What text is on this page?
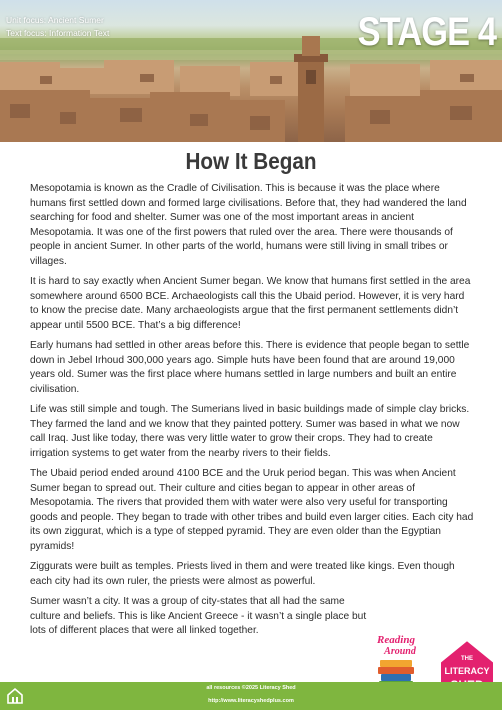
Unit focus: Ancient Sumer
Text focus: Information Text	STAGE 4
How It Began

Mesopotamia is known as the Cradle of Civilisation. This is because it was the place where humans first settled down and formed large civilisations. Before that, they had wandered the land searching for food and shelter. Sumer was one of the most important areas in ancient Mesopotamia. It was one of the first powers that ruled over the area. There were thousands of people in ancient Sumer. In other parts of the world, humans were still living in small tribes or villages.

It is hard to say exactly when Ancient Sumer began. We know that humans first settled in the area somewhere around 6500 BCE. Archaeologists call this the Ubaid period. However, it is very hard to know the precise date. Many archaeologists argue that the first permanent settlements didn’t appear until 5500 BCE. That’s a big difference!

Early humans had settled in other areas before this. There is evidence that people began to settle down in Jebel Irhoud 300,000 years ago. Simple huts have been found that are around 19,000 years old. Sumer was the first place where humans settled in large numbers and built an entire civilisation.

Life was still simple and tough. The Sumerians lived in basic buildings made of simple clay bricks. They farmed the land and we know that they painted pottery. Sumer was based in what we now call Iraq. Just like today, there was very little water to grow their crops. They had to create irrigation systems to get water from the nearby rivers to their fields.

The Ubaid period ended around 4100 BCE and the Uruk period began. This was when Ancient Sumer began to spread out. Their culture and cities began to appear in other areas of Mesopotamia. The rivers that provided them with water were also very useful for transporting goods and people. They began to trade with other tribes and build even larger cities. Each city had its own ziggurat, which is a type of stepped pyramid. They are even older than the Egyptian pyramids!

Ziggurats were built as temples. Priests lived in them and were treated like kings. Even though each city had its own ruler, the priests were almost as powerful.

Sumer wasn’t a city. It was a group of city-states that all had the same culture and beliefs. This is like Ancient Greece - it wasn’t a single place but lots of different places that were all linked together.

Reading
Around
THE
LITERACY
all resources ©2025 Literacy Shed
http://www.literacyshedplus.com
